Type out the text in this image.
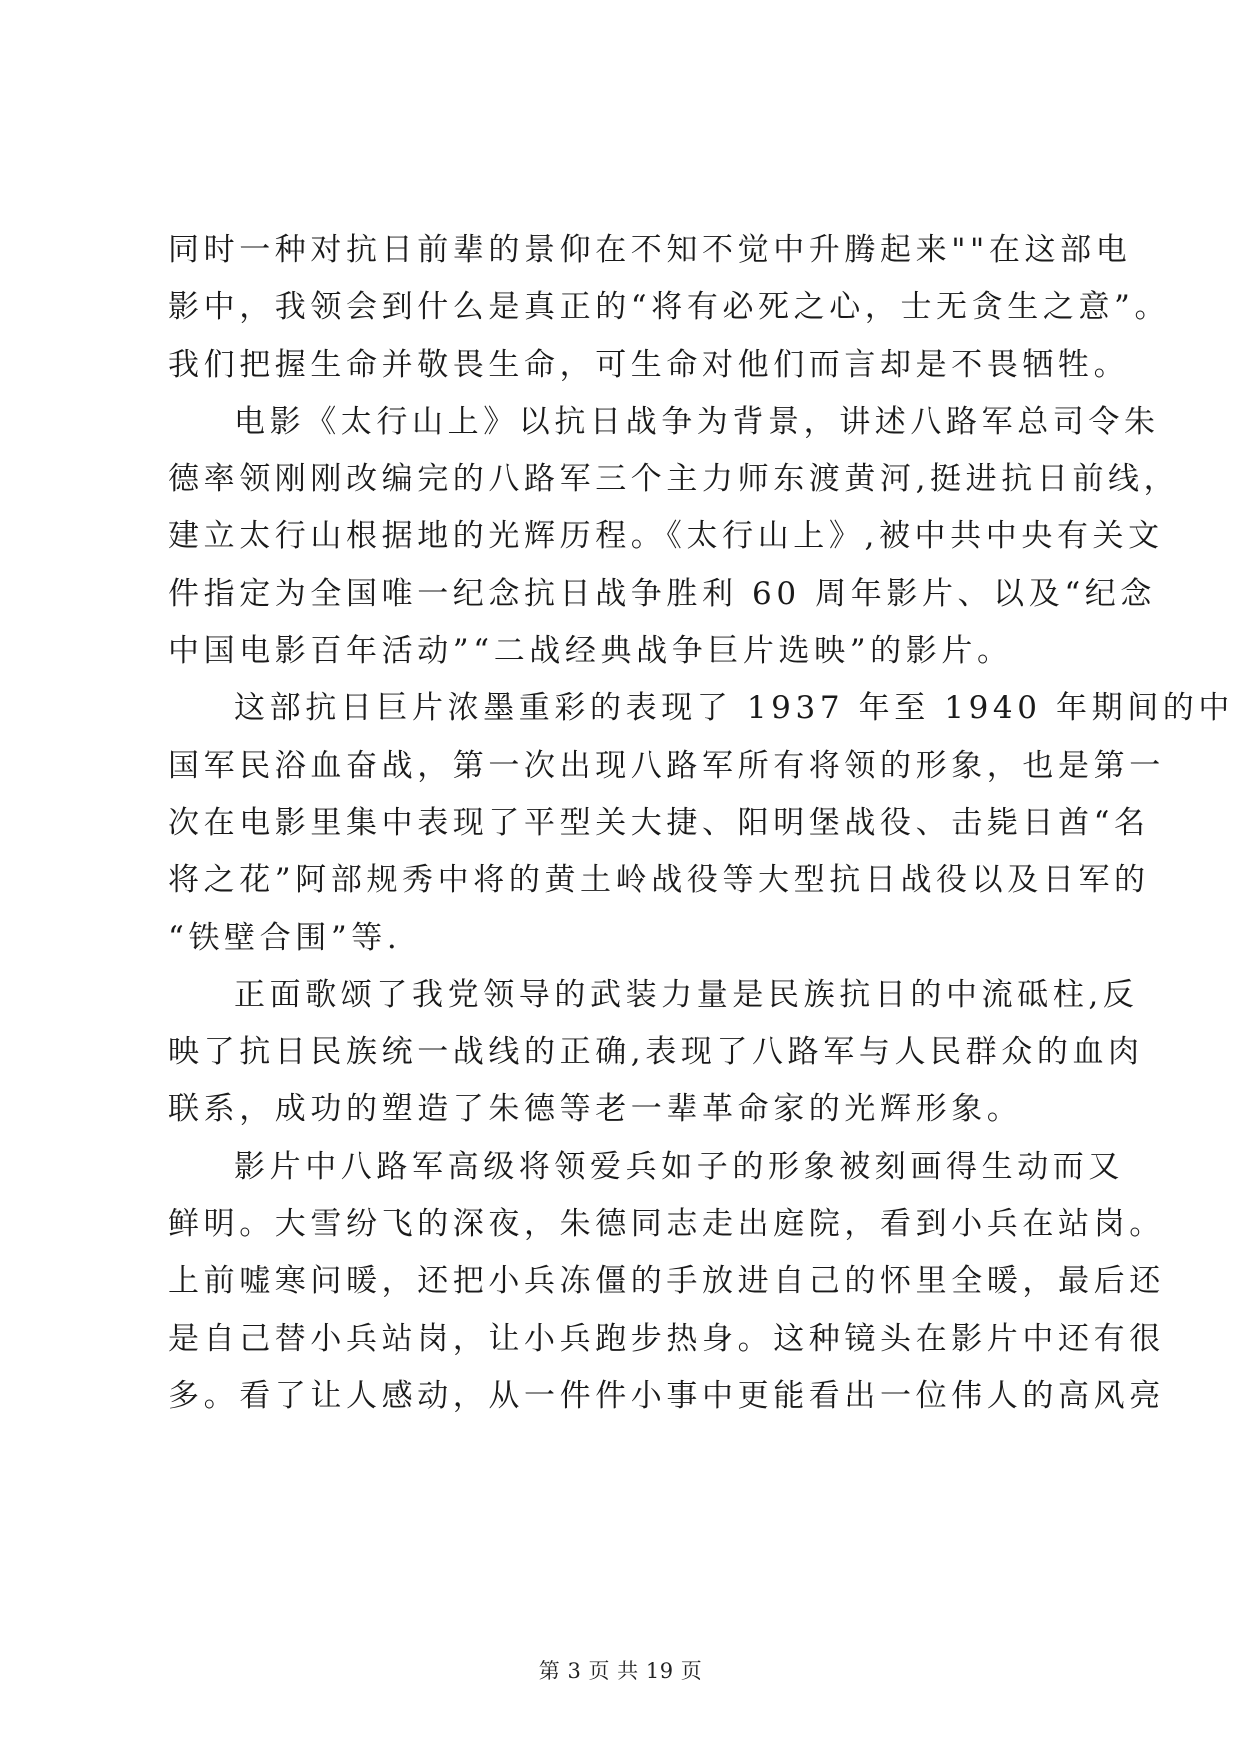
同时一种对抗日前辈的景仰在不知不觉中升腾起来""在这部电
影中，我领会到什么是真正的“将有必死之心，士无贪生之意”。
我们把握生命并敬畏生命，可生命对他们而言却是不畏牺牲。
电影《太行山上》以抗日战争为背景，讲述八路军总司令朱
德率领刚刚改编完的八路军三个主力师东渡黄河,挺进抗日前线，
建立太行山根据地的光辉历程。《太行山上》,被中共中央有关文
件指定为全国唯一纪念抗日战争胜利 60 周年影片、以及“纪念
中国电影百年活动”“二战经典战争巨片选映”的影片。
这部抗日巨片浓墨重彩的表现了 1937 年至 1940 年期间的中
国军民浴血奋战，第一次出现八路军所有将领的形象，也是第一
次在电影里集中表现了平型关大捷、阳明堡战役、击毙日酋“名
将之花”阿部规秀中将的黄土岭战役等大型抗日战役以及日军的
“铁壁合围”等.
正面歌颂了我党领导的武装力量是民族抗日的中流砥柱,反
映了抗日民族统一战线的正确,表现了八路军与人民群众的血肉
联系，成功的塑造了朱德等老一辈革命家的光辉形象。
影片中八路军高级将领爱兵如子的形象被刻画得生动而又
鲜明。大雪纷飞的深夜，朱德同志走出庭院，看到小兵在站岗。
上前嘘寒问暖，还把小兵冻僵的手放进自己的怀里全暖，最后还
是自己替小兵站岗，让小兵跑步热身。这种镜头在影片中还有很
多。看了让人感动，从一件件小事中更能看出一位伟人的高风亮
第 3 页 共 19 页
